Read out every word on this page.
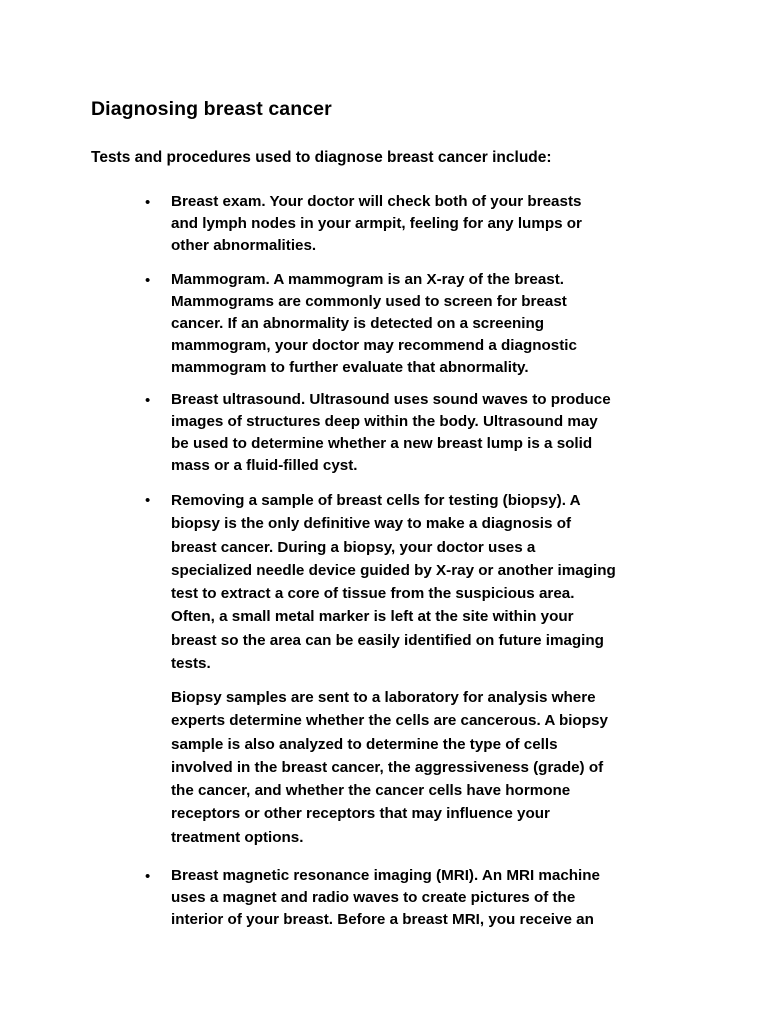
Diagnosing breast cancer

Tests and procedures used to diagnose breast cancer include:

• Breast exam. Your doctor will check both of your breasts
and lymph nodes in your armpit, feeling for any lumps or
other abnormalities.

• Mammogram. A mammogram is an X-ray of the breast.
Mammograms are commonly used to screen for breast
cancer. If an abnormality is detected on a screening
mammogram, your doctor may recommend a diagnostic
mammogram to further evaluate that abnormality.

• Breast ultrasound. Ultrasound uses sound waves to produce
images of structures deep within the body. Ultrasound may
be used to determine whether a new breast lump is a solid
mass or a fluid-filled cyst.

• Removing a sample of breast cells for testing (biopsy). A
biopsy is the only definitive way to make a diagnosis of
breast cancer. During a biopsy, your doctor uses a
specialized needle device guided by X-ray or another imaging
test to extract a core of tissue from the suspicious area.
Often, a small metal marker is left at the site within your
breast so the area can be easily identified on future imaging
tests.

Biopsy samples are sent to a laboratory for analysis where
experts determine whether the cells are cancerous. A biopsy
sample is also analyzed to determine the type of cells
involved in the breast cancer, the aggressiveness (grade) of
the cancer, and whether the cancer cells have hormone
receptors or other receptors that may influence your
treatment options.

• Breast magnetic resonance imaging (MRI). An MRI machine
uses a magnet and radio waves to create pictures of the
interior of your breast. Before a breast MRI, you receive an
